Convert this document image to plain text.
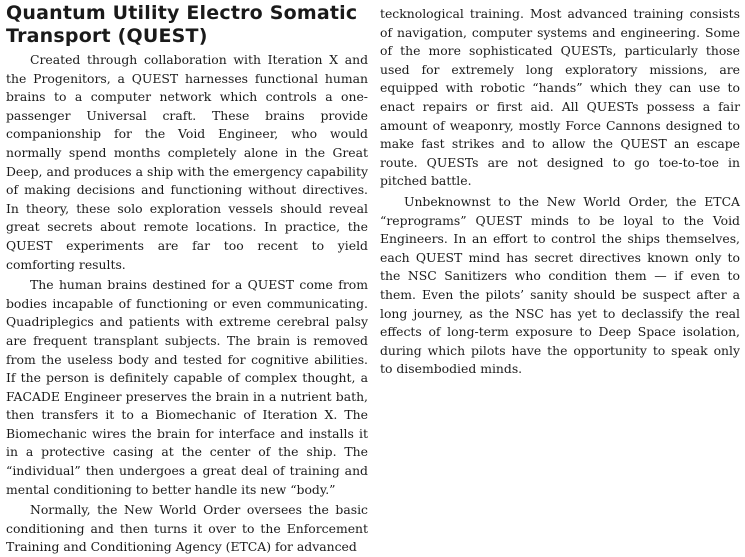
Quantum Utility Electro Somatic Transport (QUEST)

Created through collaboration with Iteration X and the Progenitors, a QUEST harnesses functional human brains to a computer network which controls a one-passenger Universal craft. These brains provide companionship for the Void Engineer, who would normally spend months completely alone in the Great Deep, and produces a ship with the emergency capability of making decisions and functioning without directives. In theory, these solo exploration vessels should reveal great secrets about remote locations. In practice, the QUEST experiments are far too recent to yield comforting results.

The human brains destined for a QUEST come from bodies incapable of functioning or even communicating. Quadriplegics and patients with extreme cerebral palsy are frequent transplant subjects. The brain is removed from the useless body and tested for cognitive abilities. If the person is definitely capable of complex thought, a FACADE Engineer preserves the brain in a nutrient bath, then transfers it to a Biomechanic of Iteration X. The Biomechanic wires the brain for interface and installs it in a protective casing at the center of the ship. The “individual” then undergoes a great deal of training and mental conditioning to better handle its new “body.”

Normally, the New World Order oversees the basic conditioning and then turns it over to the Enforcement Training and Conditioning Agency (ETCA) for advanced

tecknological training. Most advanced training consists of navigation, computer systems and engineering. Some of the more sophisticated QUESTs, particularly those used for extremely long exploratory missions, are equipped with robotic “hands” which they can use to enact repairs or first aid. All QUESTs possess a fair amount of weaponry, mostly Force Cannons designed to make fast strikes and to allow the QUEST an escape route. QUESTs are not designed to go toe-to-toe in pitched battle.

Unbeknownst to the New World Order, the ETCA “reprograms” QUEST minds to be loyal to the Void Engineers. In an effort to control the ships themselves, each QUEST mind has secret directives known only to the NSC Sanitizers who condition them — if even to them. Even the pilots’ sanity should be suspect after a long journey, as the NSC has yet to declassify the real effects of long-term exposure to Deep Space isolation, during which pilots have the opportunity to speak only to disembodied minds.
